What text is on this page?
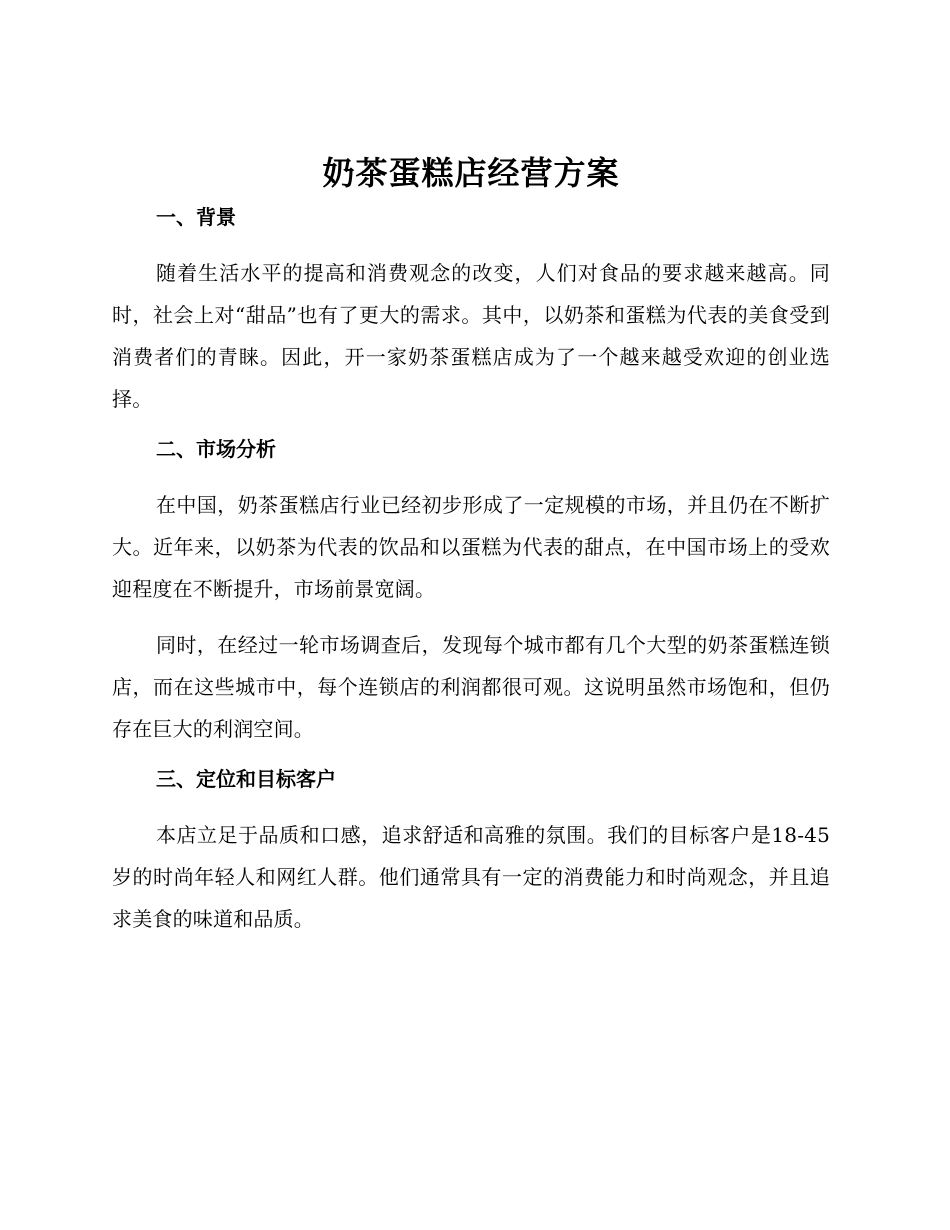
奶茶蛋糕店经营方案
一、背景

随着生活水平的提高和消费观念的改变，人们对食品的要求越来越高。同时，社会上对“甜品”也有了更大的需求。其中，以奶茶和蛋糕为代表的美食受到消费者们的青睐。因此，开一家奶茶蛋糕店成为了一个越来越受欢迎的创业选择。

二、市场分析

在中国，奶茶蛋糕店行业已经初步形成了一定规模的市场，并且仍在不断扩大。近年来，以奶茶为代表的饮品和以蛋糕为代表的甜点，在中国市场上的受欢迎程度在不断提升，市场前景宽阔。

同时，在经过一轮市场调查后，发现每个城市都有几个大型的奶茶蛋糕连锁店，而在这些城市中，每个连锁店的利润都很可观。这说明虽然市场饱和，但仍存在巨大的利润空间。

三、定位和目标客户

本店立足于品质和口感，追求舒适和高雅的氛围。我们的目标客户是18-45岁的时尚年轻人和网红人群。他们通常具有一定的消费能力和时尚观念，并且追求美食的味道和品质。
